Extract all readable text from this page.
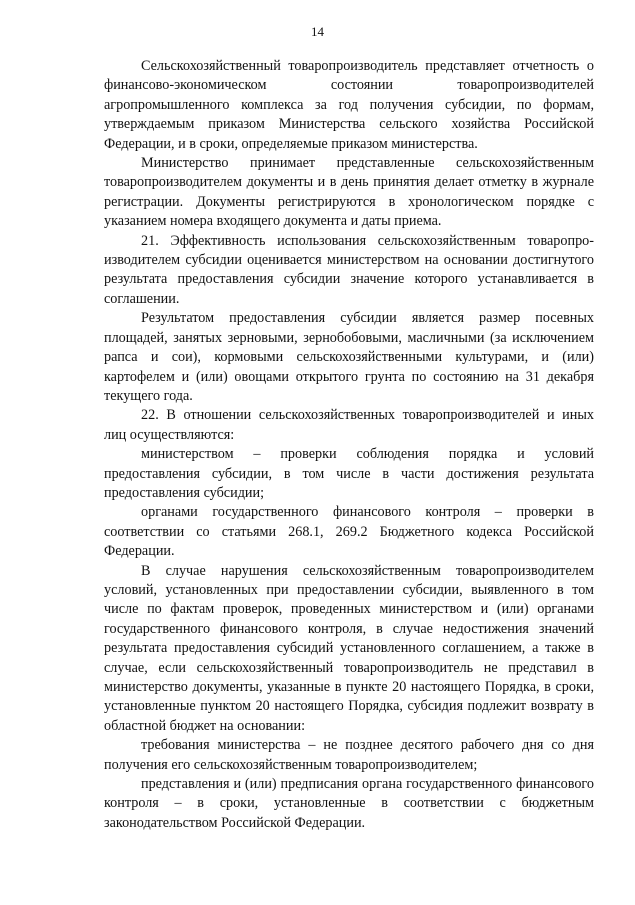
14

Сельскохозяйственный товаропроизводитель представляет отчетность о финансово-экономическом состоянии товаропроизводителей агропромышленного комплекса за год получения субсидии, по формам, утверждаемым приказом Министерства сельского хозяйства Российской Федерации, и в сроки, определяемые приказом министерства.

Министерство принимает представленные сельскохозяйственным товаропроизводителем документы и в день принятия делает отметку в журнале регистрации. Документы регистрируются в хронологическом порядке с указанием номера входящего документа и даты приема.

21. Эффективность использования сельскохозяйственным товаропро-изводителем субсидии оценивается министерством на основании достигнутого результата предоставления субсидии значение которого устанавливается в соглашении.

Результатом предоставления субсидии является размер посевных площадей, занятых зерновыми, зернобобовыми, масличными (за исключением рапса и сои), кормовыми сельскохозяйственными культурами, и (или) картофелем и (или) овощами открытого грунта по состоянию на 31 декабря текущего года.

22. В отношении сельскохозяйственных товаропроизводителей и иных лиц осуществляются:

министерством – проверки соблюдения порядка и условий предоставления субсидии, в том числе в части достижения результата предоставления субсидии;

органами государственного финансового контроля – проверки в соответствии со статьями 268.1, 269.2 Бюджетного кодекса Российской Федерации.

В случае нарушения сельскохозяйственным товаропроизводителем условий, установленных при предоставлении субсидии, выявленного в том числе по фактам проверок, проведенных министерством и (или) органами государственного финансового контроля, в случае недостижения значений результата предоставления субсидий установленного соглашением, а также в случае, если сельскохозяйственный товаропроизводитель не представил в министерство документы, указанные в пункте 20 настоящего Порядка, в сроки, установленные пунктом 20 настоящего Порядка, субсидия подлежит возврату в областной бюджет на основании:

требования министерства – не позднее десятого рабочего дня со дня получения его сельскохозяйственным товаропроизводителем;

представления и (или) предписания органа государственного финансового контроля – в сроки, установленные в соответствии с бюджетным законодательством Российской Федерации.
